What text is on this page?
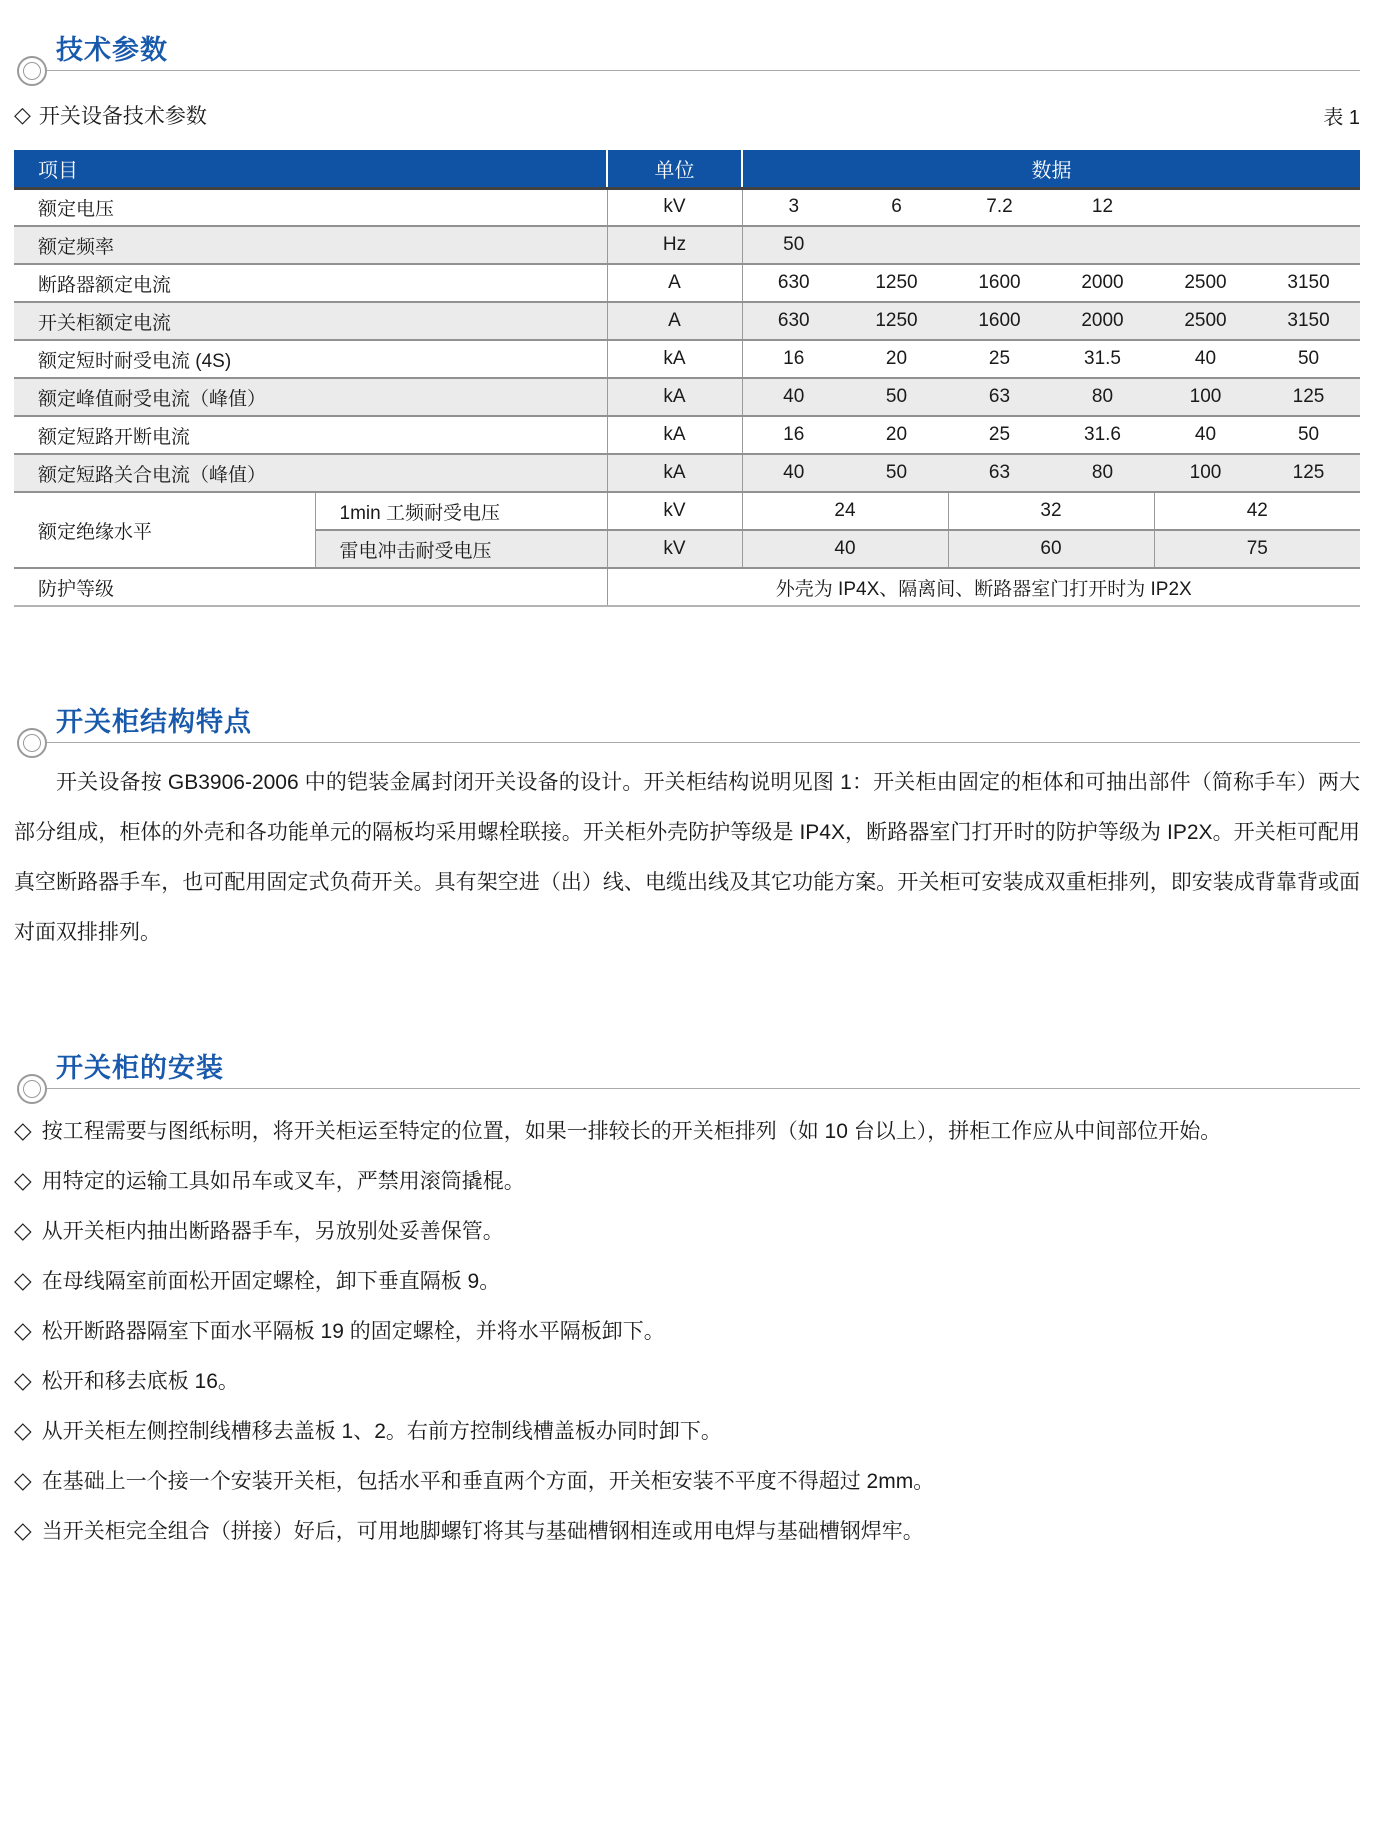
技术参数
◇ 开关设备技术参数	表 1
项目		单位	数据					
额定电压		kV	3	6	7.2	12		
额定频率		Hz	50					
断路器额定电流		A	630	1250	1600	2000	2500	3150
开关柜额定电流		A	630	1250	1600	2000	2500	3150
额定短时耐受电流 (4S)		kA	16	20	25	31.5	40	50
额定峰值耐受电流（峰值）		kA	40	50	63	80	100	125
额定短路开断电流		kA	16	20	25	31.6	40	50
额定短路关合电流（峰值）		kA	40	50	63	80	100	125
额定绝缘水平	1min 工频耐受电压	kV	24		32		42	
	雷电冲击耐受电压	kV	40		60		75	
防护等级		外壳为 IP4X、隔离间、断路器室门打开时为 IP2X						
开关柜结构特点
开关设备按 GB3906-2006 中的铠装金属封闭开关设备的设计。开关柜结构说明见图 1：开关柜由固定的柜体和可抽出部件（简称手车）两大部分组成，柜体的外壳和各功能单元的隔板均采用螺栓联接。开关柜外壳防护等级是 IP4X，断路器室门打开时的防护等级为 IP2X。开关柜可配用真空断路器手车，也可配用固定式负荷开关。具有架空进（出）线、电缆出线及其它功能方案。开关柜可安装成双重柜排列，即安装成背靠背或面对面双排排列。
开关柜的安装
◇ 按工程需要与图纸标明，将开关柜运至特定的位置，如果一排较长的开关柜排列（如 10 台以上），拼柜工作应从中间部位开始。
◇ 用特定的运输工具如吊车或叉车，严禁用滚筒撬棍。
◇ 从开关柜内抽出断路器手车，另放别处妥善保管。
◇ 在母线隔室前面松开固定螺栓，卸下垂直隔板 9。
◇ 松开断路器隔室下面水平隔板 19 的固定螺栓，并将水平隔板卸下。
◇ 松开和移去底板 16。
◇ 从开关柜左侧控制线槽移去盖板 1、2。右前方控制线槽盖板办同时卸下。
◇ 在基础上一个接一个安装开关柜，包括水平和垂直两个方面，开关柜安装不平度不得超过 2mm。
◇ 当开关柜完全组合（拼接）好后，可用地脚螺钉将其与基础槽钢相连或用电焊与基础槽钢焊牢。
